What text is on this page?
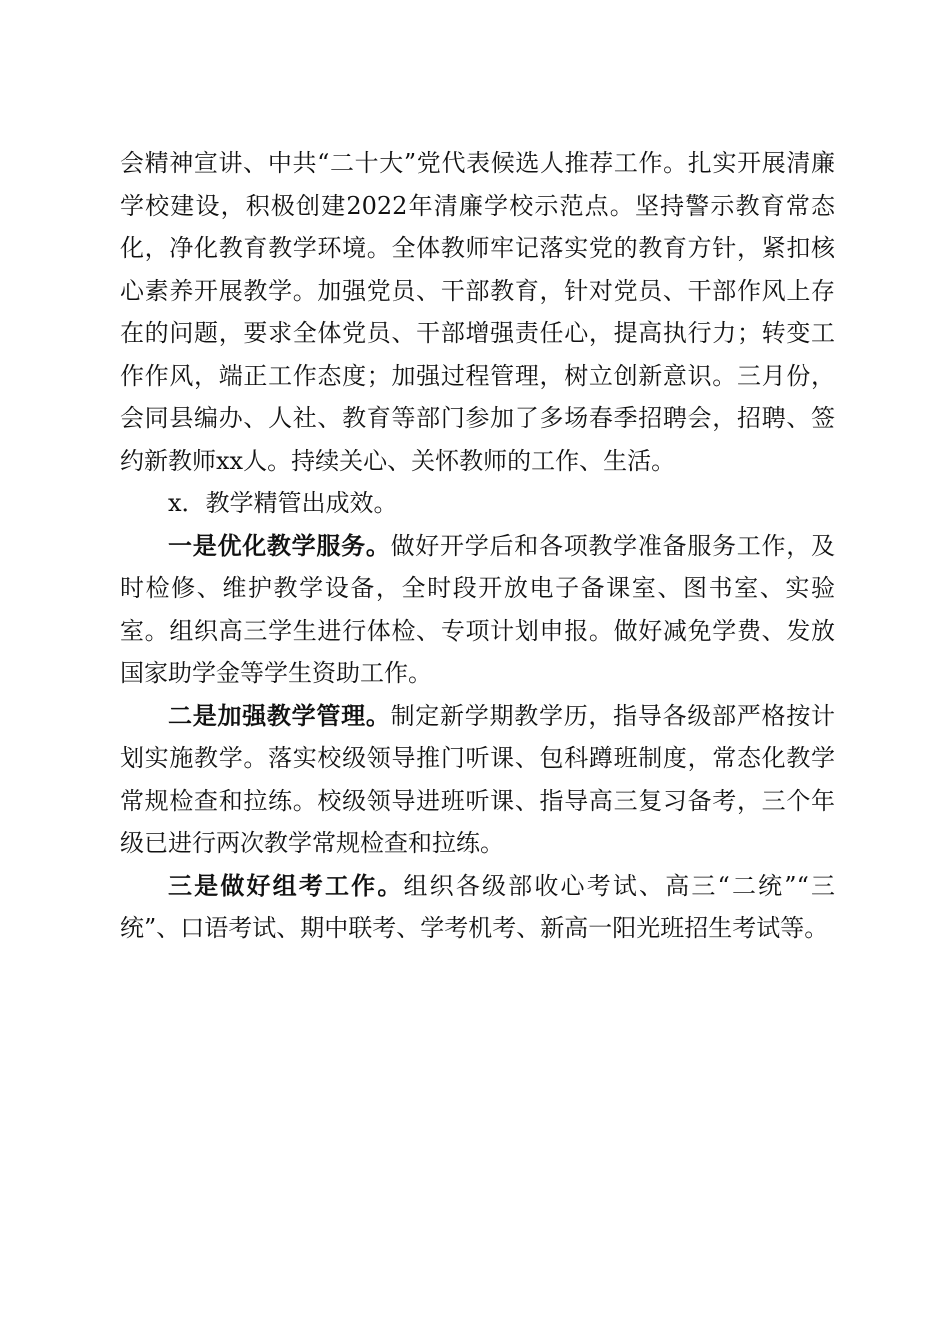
会精神宣讲、中共“二十大”党代表候选人推荐工作。扎实开展清廉学校建设，积极创建2022年清廉学校示范点。坚持警示教育常态化，净化教育教学环境。全体教师牢记落实党的教育方针，紧扣核心素养开展教学。加强党员、干部教育，针对党员、干部作风上存在的问题，要求全体党员、干部增强责任心，提高执行力；转变工作作风，端正工作态度；加强过程管理，树立创新意识。三月份，会同县编办、人社、教育等部门参加了多场春季招聘会，招聘、签约新教师xx人。持续关心、关怀教师的工作、生活。

x．教学精管出成效。

一是优化教学服务。做好开学后和各项教学准备服务工作，及时检修、维护教学设备，全时段开放电子备课室、图书室、实验室。组织高三学生进行体检、专项计划申报。做好减免学费、发放国家助学金等学生资助工作。

二是加强教学管理。制定新学期教学历，指导各级部严格按计划实施教学。落实校级领导推门听课、包科蹲班制度，常态化教学常规检查和拉练。校级领导进班听课、指导高三复习备考，三个年级已进行两次教学常规检查和拉练。

三是做好组考工作。组织各级部收心考试、高三“二统”“三统”、口语考试、期中联考、学考机考、新高一阳光班招生考试等。
